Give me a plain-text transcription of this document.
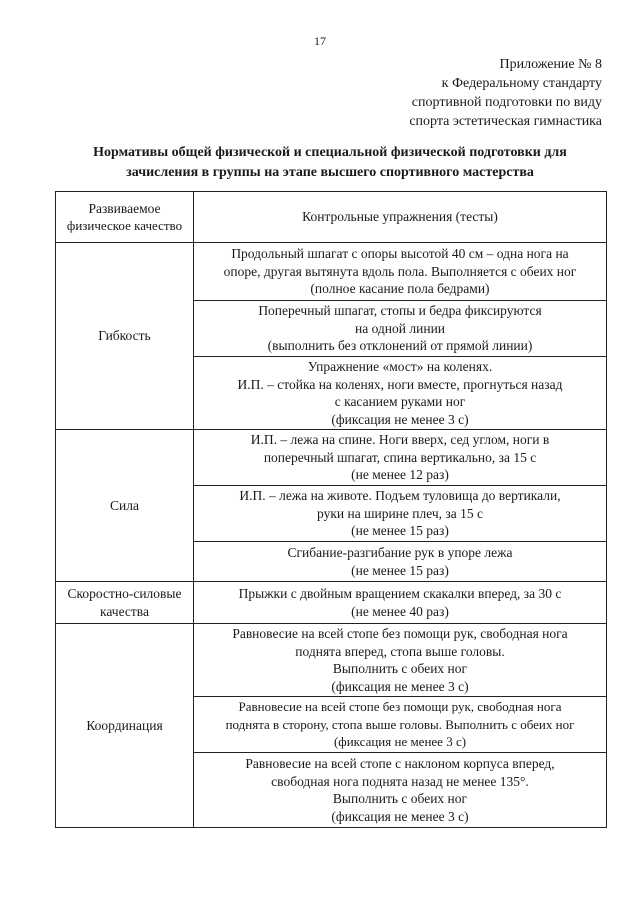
17
Приложение № 8
к Федеральному стандарту
спортивной подготовки по виду
спорта эстетическая гимнастика
Нормативы общей физической и специальной физической подготовки для
зачисления в группы на этапе высшего спортивного мастерства
Развиваемое
физическое качество	Контрольные упражнения (тесты)
Гибкость	Продольный шпагат с опоры высотой 40 см – одна нога на
опоре, другая вытянута вдоль пола. Выполняется с обеих ног
(полное касание пола бедрами)

	Поперечный шпагат, стопы и бедра фиксируются
на одной линии
(выполнить без отклонений от прямой линии)

	Упражнение «мост» на коленях.
И.П. – стойка на коленях, ноги вместе, прогнуться назад
с касанием руками ног
(фиксация не менее 3 с)

Сила	И.П. – лежа на спине. Ноги вверх, сед углом, ноги в
поперечный шпагат, спина вертикально, за 15 с
(не менее 12 раз)

	И.П. – лежа на животе. Подъем туловища до вертикали,
руки на ширине плеч, за 15 с
(не менее 15 раз)

	Сгибание-разгибание рук в упоре лежа
(не менее 15 раз)

Скоростно-силовые
качества	Прыжки с двойным вращением скакалки вперед, за 30 с
(не менее 40 раз)

Координация	Равновесие на всей стопе без помощи рук, свободная нога
поднята вперед, стопа выше головы.
Выполнить с обеих ног
(фиксация не менее 3 с)

	Равновесие на всей стопе без помощи рук, свободная нога
поднята в сторону, стопа выше головы. Выполнить с обеих ног
(фиксация не менее 3 с)

	Равновесие на всей стопе с наклоном корпуса вперед,
свободная нога поднята назад не менее 135°.
Выполнить с обеих ног
(фиксация не менее 3 с)
